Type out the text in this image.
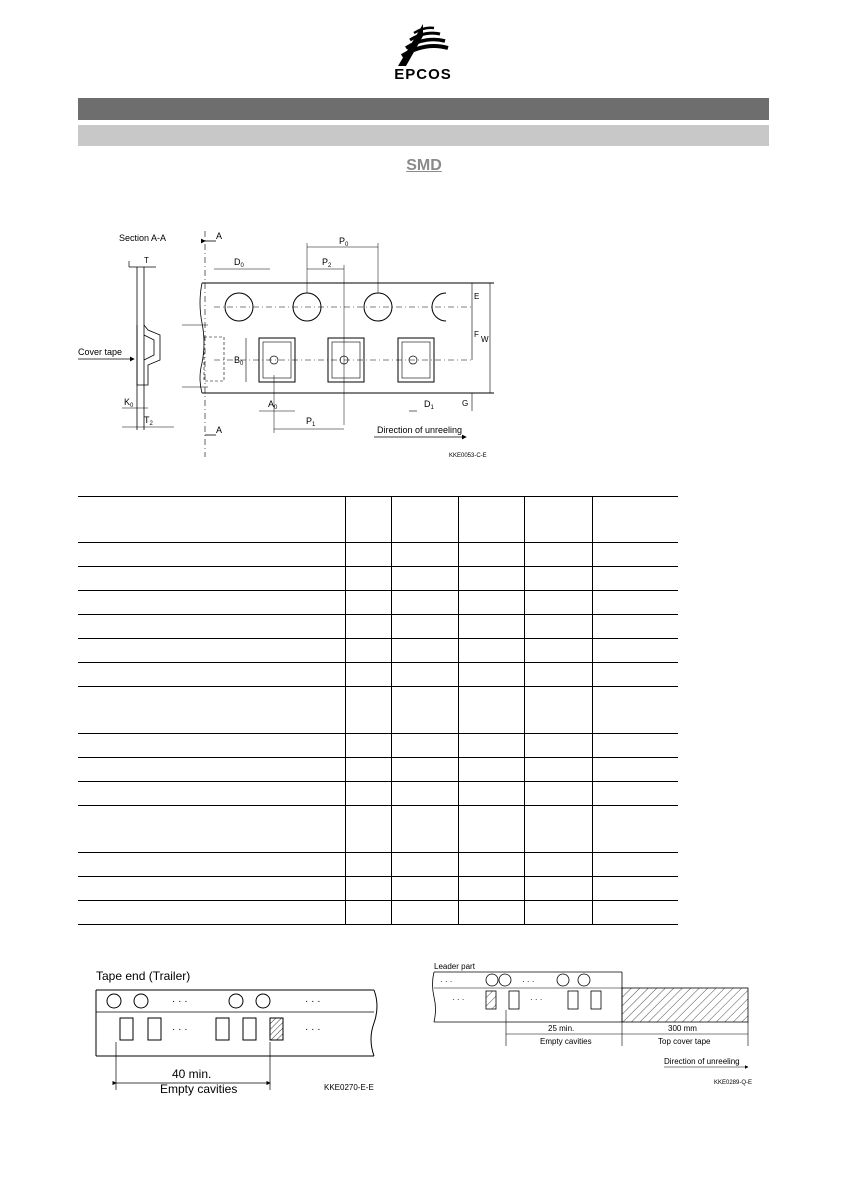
EPCOS
SMD
Section A-A
T
Cover tape
$K_0$
$T_2$
A
A
$D_0$
$P_0$
$P_2$
$B_0$
$A_0$
$P_1$
$D_1$
E
F
W
G
Direction of unreeling
KKE0053-C-E

Tape end (Trailer)
· · ·	· · ·
· · ·	· · ·
40 min.
Empty cavities	KKE0270-E-E
Leader part
· · ·	· · ·
· · ·	· · ·
25 min.
Empty cavities
300 mm
Top cover tape
Direction of unreeling
KKE0289-Q-E
